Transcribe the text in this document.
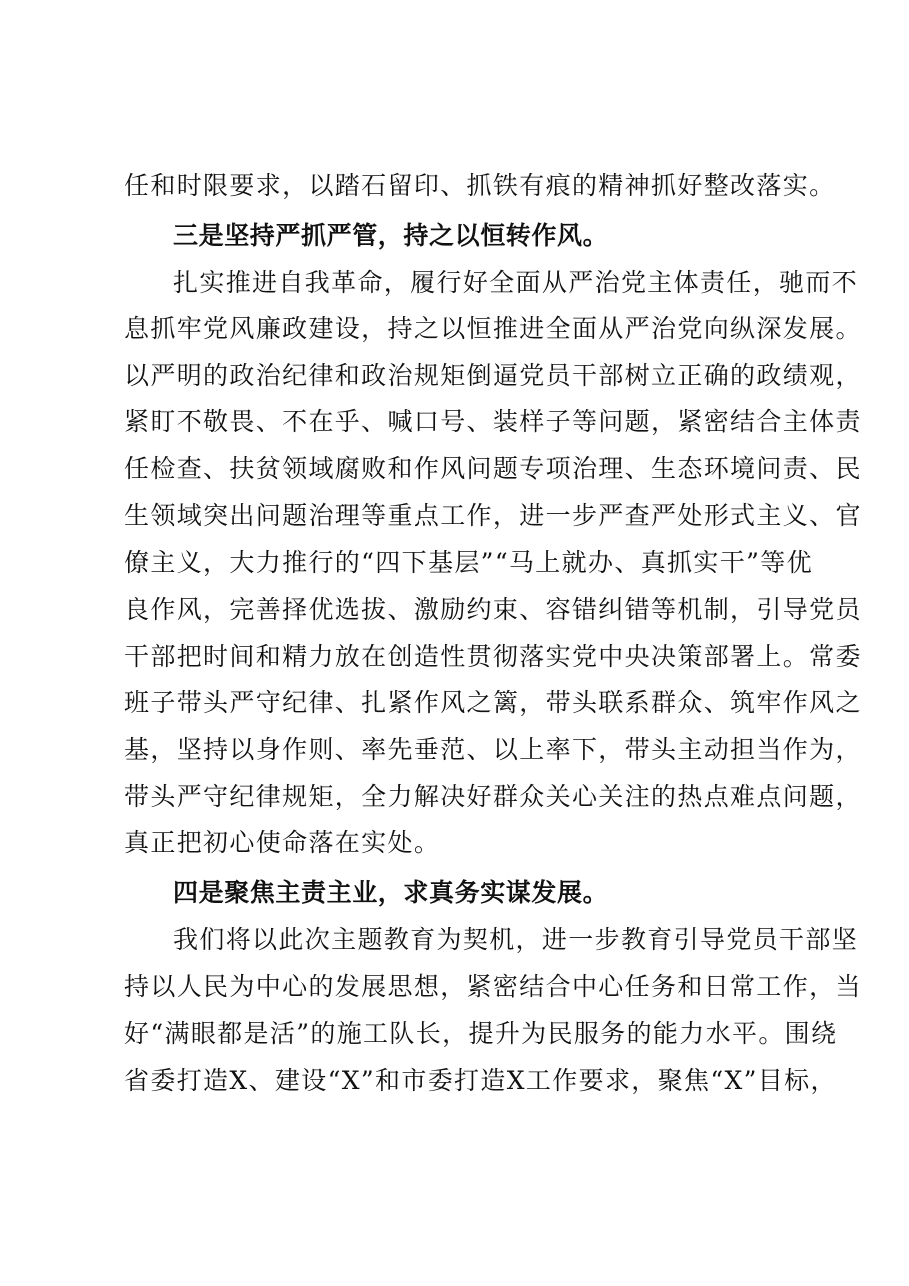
任和时限要求，以踏石留印、抓铁有痕的精神抓好整改落实。
三是坚持严抓严管，持之以恒转作风。
扎实推进自我革命，履行好全面从严治党主体责任，驰而不
息抓牢党风廉政建设，持之以恒推进全面从严治党向纵深发展。
以严明的政治纪律和政治规矩倒逼党员干部树立正确的政绩观，
紧盯不敬畏、不在乎、喊口号、装样子等问题，紧密结合主体责
任检查、扶贫领域腐败和作风问题专项治理、生态环境问责、民
生领域突出问题治理等重点工作，进一步严查严处形式主义、官
僚主义，大力推行的“四下基层”“马上就办、真抓实干”等优
良作风，完善择优选拔、激励约束、容错纠错等机制，引导党员
干部把时间和精力放在创造性贯彻落实党中央决策部署上。常委
班子带头严守纪律、扎紧作风之篱，带头联系群众、筑牢作风之
基，坚持以身作则、率先垂范、以上率下，带头主动担当作为，
带头严守纪律规矩，全力解决好群众关心关注的热点难点问题，
真正把初心使命落在实处。
四是聚焦主责主业，求真务实谋发展。
我们将以此次主题教育为契机，进一步教育引导党员干部坚
持以人民为中心的发展思想，紧密结合中心任务和日常工作，当
好“满眼都是活”的施工队长，提升为民服务的能力水平。围绕
省委打造X、建设“X”和市委打造X工作要求，聚焦“X”目标，
